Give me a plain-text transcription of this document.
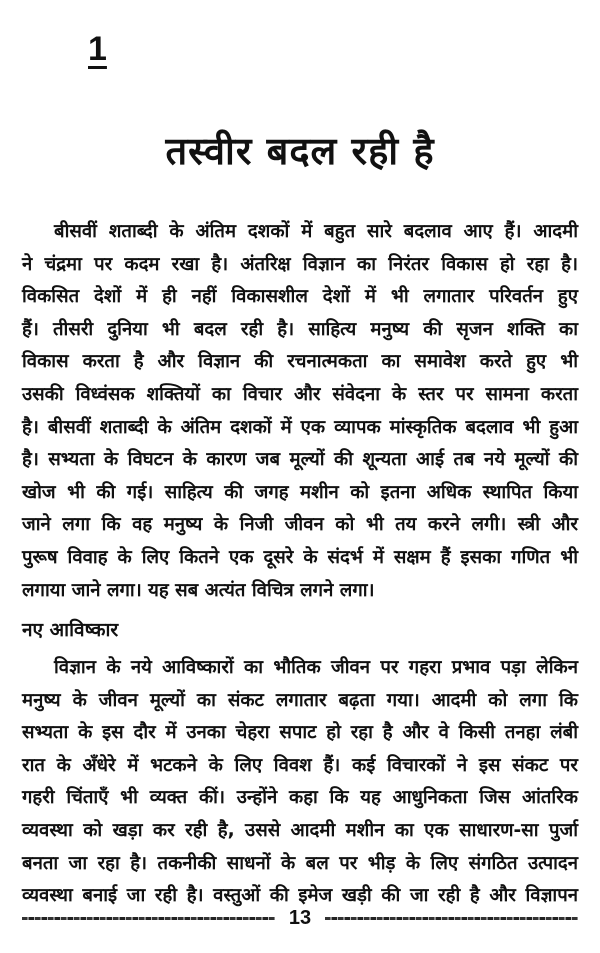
1
तस्वीर बदल रही है
बीसवीं शताब्दी के अंतिम दशकों में बहुत सारे बदलाव आए हैं। आदमी
ने चंद्रमा पर कदम रखा है। अंतरिक्ष विज्ञान का निरंतर विकास हो रहा है।
विकसित देशों में ही नहीं विकासशील देशों में भी लगातार परिवर्तन हुए
हैं। तीसरी दुनिया भी बदल रही है। साहित्य मनुष्य की सृजन शक्ति का
विकास करता है और विज्ञान की रचनात्मकता का समावेश करते हुए भी
उसकी विध्वंसक शक्तियों का विचार और संवेदना के स्तर पर सामना करता
है। बीसवीं शताब्दी के अंतिम दशकों में एक व्यापक मांस्कृतिक बदलाव भी हुआ
है। सभ्यता के विघटन के कारण जब मूल्यों की शून्यता आई तब नये मूल्यों की
खोज भी की गई। साहित्य की जगह मशीन को इतना अधिक स्थापित किया
जाने लगा कि वह मनुष्य के निजी जीवन को भी तय करने लगी। स्त्री और
पुरूष विवाह के लिए कितने एक दूसरे के संदर्भ में सक्षम हैं इसका गणित भी
लगाया जाने लगा। यह सब अत्यंत विचित्र लगने लगा।
नए आविष्कार
विज्ञान के नये आविष्कारों का भौतिक जीवन पर गहरा प्रभाव पड़ा लेकिन
मनुष्य के जीवन मूल्यों का संकट लगातार बढ़ता गया। आदमी को लगा कि
सभ्यता के इस दौर में उनका चेहरा सपाट हो रहा है और वे किसी तनहा लंबी
रात के अँधेरे में भटकने के लिए विवश हैं। कई विचारकों ने इस संकट पर
गहरी चिंताएँ भी व्यक्त कीं। उन्होंने कहा कि यह आधुनिकता जिस आंतरिक
व्यवस्था को खड़ा कर रही है, उससे आदमी मशीन का एक साधारण-सा पुर्जा
बनता जा रहा है। तकनीकी साधनों के बल पर भीड़ के लिए संगठित उत्पादन
व्यवस्था बनाई जा रही है। वस्तुओं की इमेज खड़ी की जा रही है और विज्ञापन
13
